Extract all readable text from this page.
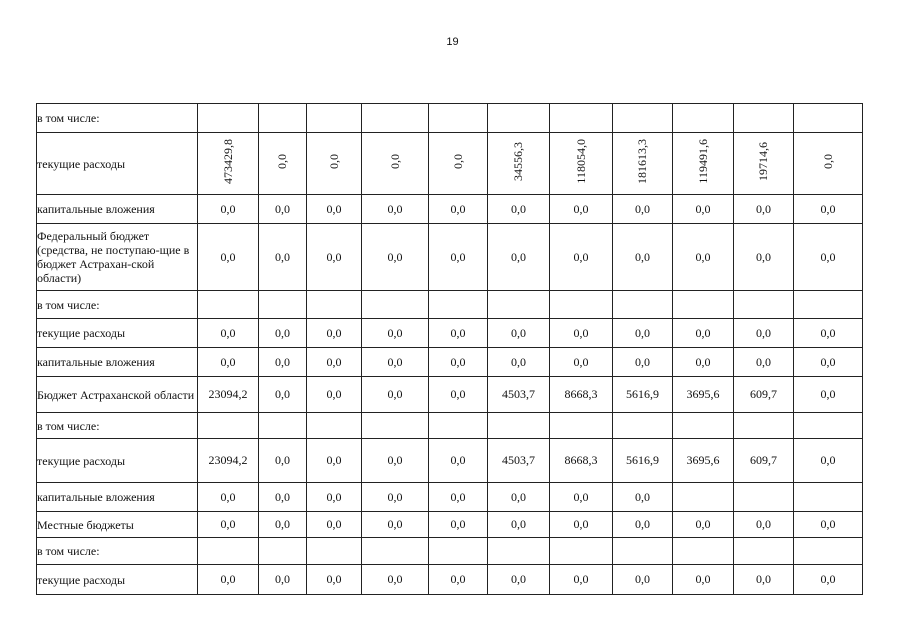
19
в том числе:											
текущие расходы	473429,8	0,0	0,0	0,0	0,0	34556,3	118054,0	181613,3	119491,6	19714,6	0,0
капитальные вложения	0,0	0,0	0,0	0,0	0,0	0,0	0,0	0,0	0,0	0,0	0,0
Федеральный бюджет (средства, не поступаю-щие в бюджет Астрахан-ской области)	0,0	0,0	0,0	0,0	0,0	0,0	0,0	0,0	0,0	0,0	0,0
в том числе:											
текущие расходы	0,0	0,0	0,0	0,0	0,0	0,0	0,0	0,0	0,0	0,0	0,0
капитальные вложения	0,0	0,0	0,0	0,0	0,0	0,0	0,0	0,0	0,0	0,0	0,0
Бюджет Астраханской области	23094,2	0,0	0,0	0,0	0,0	4503,7	8668,3	5616,9	3695,6	609,7	0,0
в том числе:											
текущие расходы	23094,2	0,0	0,0	0,0	0,0	4503,7	8668,3	5616,9	3695,6	609,7	0,0
капитальные вложения	0,0	0,0	0,0	0,0	0,0	0,0	0,0	0,0			
Местные бюджеты	0,0	0,0	0,0	0,0	0,0	0,0	0,0	0,0	0,0	0,0	0,0
в том числе:											
текущие расходы	0,0	0,0	0,0	0,0	0,0	0,0	0,0	0,0	0,0	0,0	0,0
